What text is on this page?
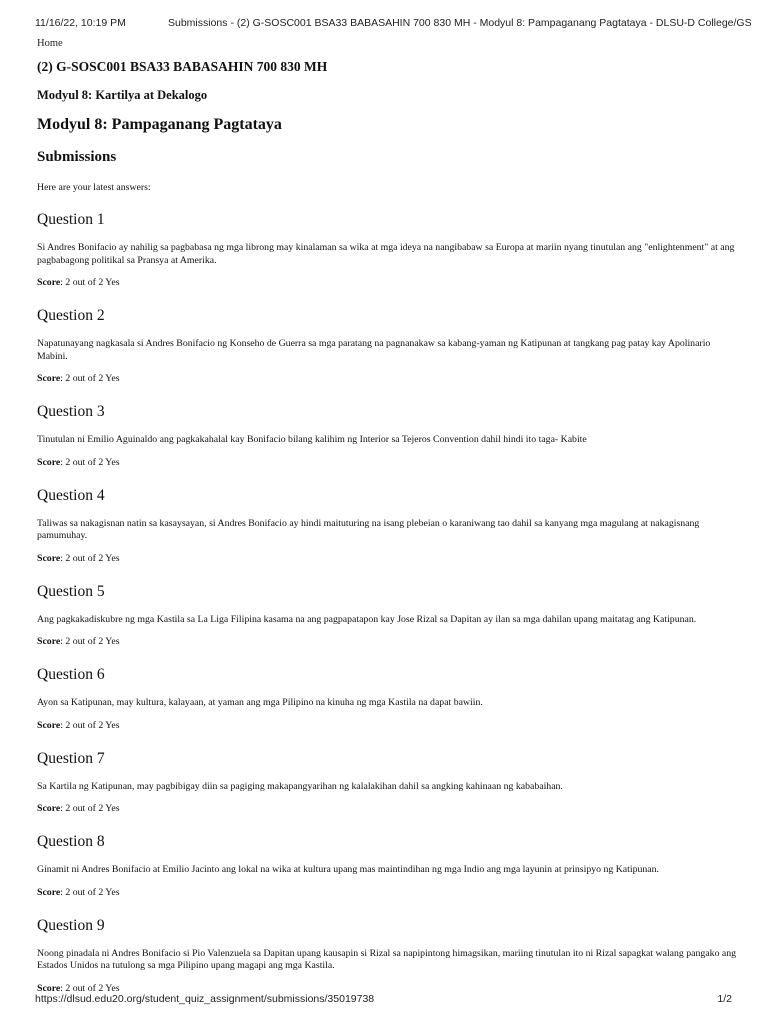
11/16/22, 10:19 PM	Submissions - (2) G-SOSC001 BSA33 BABASAHIN 700 830 MH - Modyul 8: Pampaganang Pagtataya - DLSU-D College/GS

Home

(2) G-SOSC001 BSA33 BABASAHIN 700 830 MH
Modyul 8: Kartilya at Dekalogo
Modyul 8: Pampaganang Pagtataya
Submissions

Here are your latest answers:

Question 1

Si Andres Bonifacio ay nahilig sa pagbabasa ng mga librong may kinalaman sa wika at mga ideya na nangibabaw sa Europa at mariin nyang tinutulan ang "enlightenment" at ang pagbabagong politikal sa Pransya at Amerika.

Score: 2 out of 2 Yes

Question 2

Napatunayang nagkasala si Andres Bonifacio ng Konseho de Guerra sa mga paratang na pagnanakaw sa kabang-yaman ng Katipunan at tangkang pag patay kay Apolinario Mabini.

Score: 2 out of 2 Yes

Question 3

Tinutulan ni Emilio Aguinaldo ang pagkakahalal kay Bonifacio bilang kalihim ng Interior sa Tejeros Convention dahil hindi ito taga- Kabite

Score: 2 out of 2 Yes

Question 4

Taliwas sa nakagisnan natin sa kasaysayan, si Andres Bonifacio ay hindi maituturing na isang plebeian o karaniwang tao dahil sa kanyang mga magulang at nakagisnang pamumuhay.

Score: 2 out of 2 Yes

Question 5

Ang pagkakadiskubre ng mga Kastila sa La Liga Filipina kasama na ang pagpapatapon kay Jose Rizal sa Dapitan ay ilan sa mga dahilan upang maitatag ang Katipunan.

Score: 2 out of 2 Yes

Question 6

Ayon sa Katipunan, may kultura, kalayaan, at yaman ang mga Pilipino na kinuha ng mga Kastila na dapat bawiin.

Score: 2 out of 2 Yes

Question 7

Sa Kartila ng Katipunan, may pagbibigay diin sa pagiging makapangyarihan ng kalalakihan dahil sa angking kahinaan ng kababaihan.

Score: 2 out of 2 Yes

Question 8

Ginamit ni Andres Bonifacio at Emilio Jacinto ang lokal na wika at kultura upang mas maintindihan ng mga Indio ang mga layunin at prinsipyo ng Katipunan.

Score: 2 out of 2 Yes

Question 9

Noong pinadala ni Andres Bonifacio si Pio Valenzuela sa Dapitan upang kausapin si Rizal sa napipintong himagsikan, mariing tinutulan ito ni Rizal sapagkat walang pangako ang Estados Unidos na tutulong sa mga Pilipino upang magapi ang mga Kastila.

Score: 2 out of 2 Yes

https://dlsud.edu20.org/student_quiz_assignment/submissions/35019738	1/2
